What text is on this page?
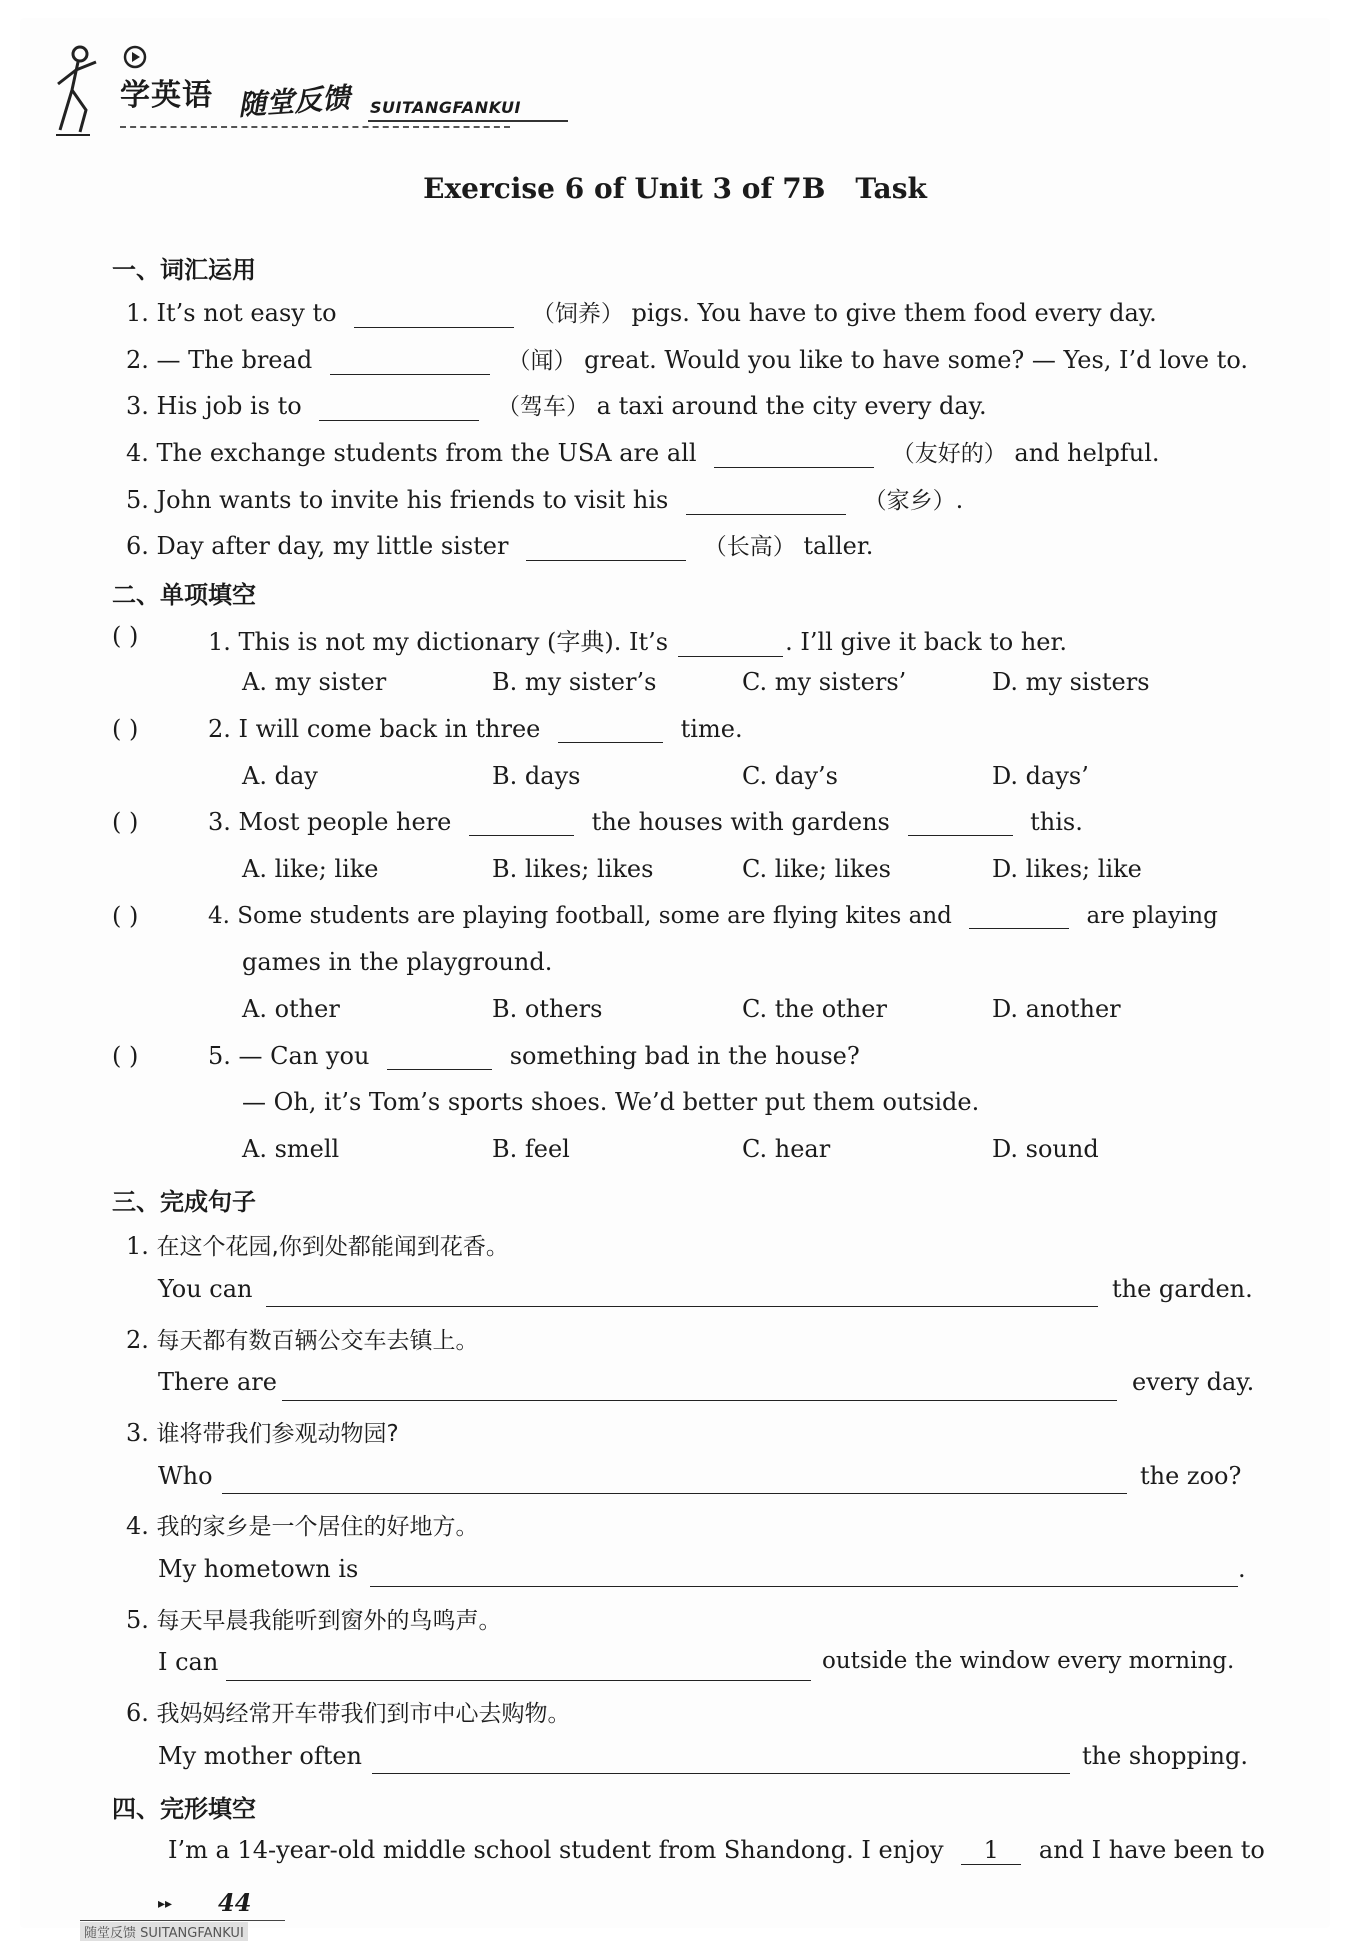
学英语 随堂反馈 SUITANGFANKUI
Exercise 6 of Unit 3 of 7B Task
一、词汇运用
1. It’s not easy to	（饲养） pigs. You have to give them food every day.
2. — The bread	（闻） great. Would you like to have some? — Yes, I’d love to.
3. His job is to	（驾车） a taxi around the city every day.
4. The exchange students from the USA are all	（友好的） and helpful.
5. John wants to invite his friends to visit his	（家乡）.
6. Day after day, my little sister	（长高） taller.
二、单项填空
( )	1. This is not my dictionary (字典). It’s	. I’ll give it back to her.
A. my sister	B. my sister’s	C. my sisters’	D. my sisters
( )	2. I will come back in three	time.
A. day	B. days	C. day’s	D. days’
( )	3. Most people here	the houses with gardens	this.
A. like; like	B. likes; likes	C. like; likes	D. likes; like
( )	4. Some students are playing football, some are flying kites and	are playing
games in the playground.
A. other	B. others	C. the other	D. another
( )	5. — Can you	something bad in the house?
— Oh, it’s Tom’s sports shoes. We’d better put them outside.
A. smell	B. feel	C. hear	D. sound
三、完成句子
1. 在这个花园,你到处都能闻到花香。
You can	the garden.
2. 每天都有数百辆公交车去镇上。
There are	every day.
3. 谁将带我们参观动物园?
Who	the zoo?
4. 我的家乡是一个居住的好地方。
My hometown is	.
5. 每天早晨我能听到窗外的鸟鸣声。
I can	outside the window every morning.
6. 我妈妈经常开车带我们到市中心去购物。
My mother often	the shopping.
四、完形填空
I’m a 14-year-old middle school student from Shandong. I enjoy 1 and I have been to
▸▸ 44
随堂反馈 SUITANGFANKUI
